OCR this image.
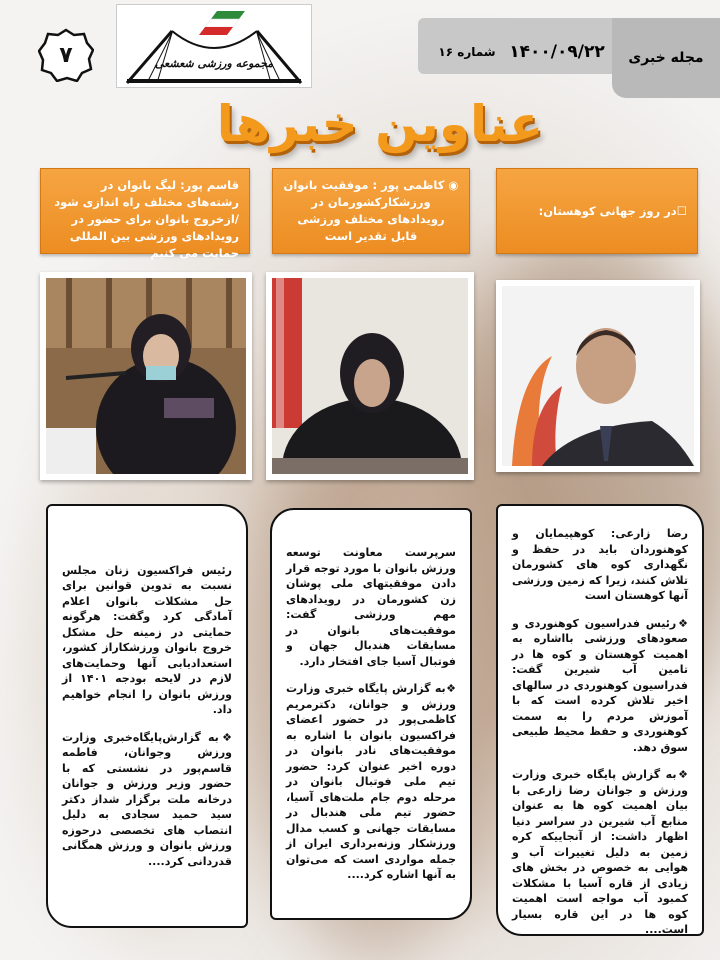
مجله خبری
۱۴۰۰/۰۹/۲۲
شماره ۱۶
مجموعه ورزشی شعشعی
۷
عناوین خبرها
قاسم پور: لیگ بانوان در رشته‌های مختلف راه اندازی شود /ازخروج بانوان برای حضور در رویدادهای ورزشی بین المللی حمایت می کنیم
◉ کاظمی پور : موفقیت بانوان ورزشکارکشورمان در رویدادهای مختلف ورزشی قابل تقدیر است
☐در روز جهانی کوهستان:

رئیس فراکسیون زنان مجلس نسبت به تدوین قوانین برای حل مشکلات بانوان اعلام آمادگی کرد وگفت: هرگونه حمایتی در زمینه حل مشکل خروج بانوان ورزشکاراز کشور، استعدادیابی آنها وحمایت‌های لازم در لایحه بودجه ۱۴۰۱ از ورزش بانوان را انجام خواهیم داد.

❖به گزارش‌پایگاه‌خبری وزارت ورزش وجوانان، فاطمه قاسم‌پور در نشستی که با حضور وزیر ورزش و جوانان درخانه ملت برگزار شداز دکتر سید حمید سجادی به دلیل انتصاب های تخصصی درحوزه ورزش بانوان و ورزش همگانی قدردانی کرد....

سرپرست معاونت توسعه ورزش بانوان با مورد توجه قرار دادن موفقیتهای ملی پوشان زن کشورمان در رویدادهای مهم ورزشی گفت: موفقیت‌های بانوان در مسابقات هندبال جهان و فوتبال آسیا جای افتخار دارد.

❖به گزارش پایگاه خبری وزارت ورزش و جوانان، دکترمریم کاظمی‌پور در حضور اعضای فراکسیون بانوان با اشاره به موفقیت‌های نادر بانوان در دوره اخیر عنوان کرد: حضور تیم ملی فوتبال بانوان در مرحله دوم جام ملت‌های آسیا، حضور تیم ملی هندبال در مسابقات جهانی و کسب مدال ورزشکار وزنه‌برداری ایران از جمله مواردی است که می‌توان به آنها اشاره کرد....

رضا زارعی: کوهپیمایان و کوهنوردان باید در حفظ و نگهداری کوه های کشورمان تلاش کنند، زیرا که زمین ورزشی آنها کوهستان است

❖رئیس فدراسیون کوهنوردی و صعودهای ورزشی بااشاره به اهمیت کوهستان و کوه ها در تامین آب شیرین گفت: فدراسیون کوهنوردی در سالهای اخیر تلاش کرده است که با آموزش مردم را به سمت کوهنوردی و حفظ محیط طبیعی سوق دهد.

❖به گزارش پایگاه خبری وزارت ورزش و جوانان رضا زارعی با بیان اهمیت کوه ها به عنوان منابع آب شیرین در سراسر دنیا اظهار داشت: از آنجاییکه کره زمین به دلیل تغییرات آب و هوایی به خصوص در بخش های زیادی از قاره آسیا با مشکلات کمبود آب مواجه است اهمیت کوه ها در این قاره بسیار است....
